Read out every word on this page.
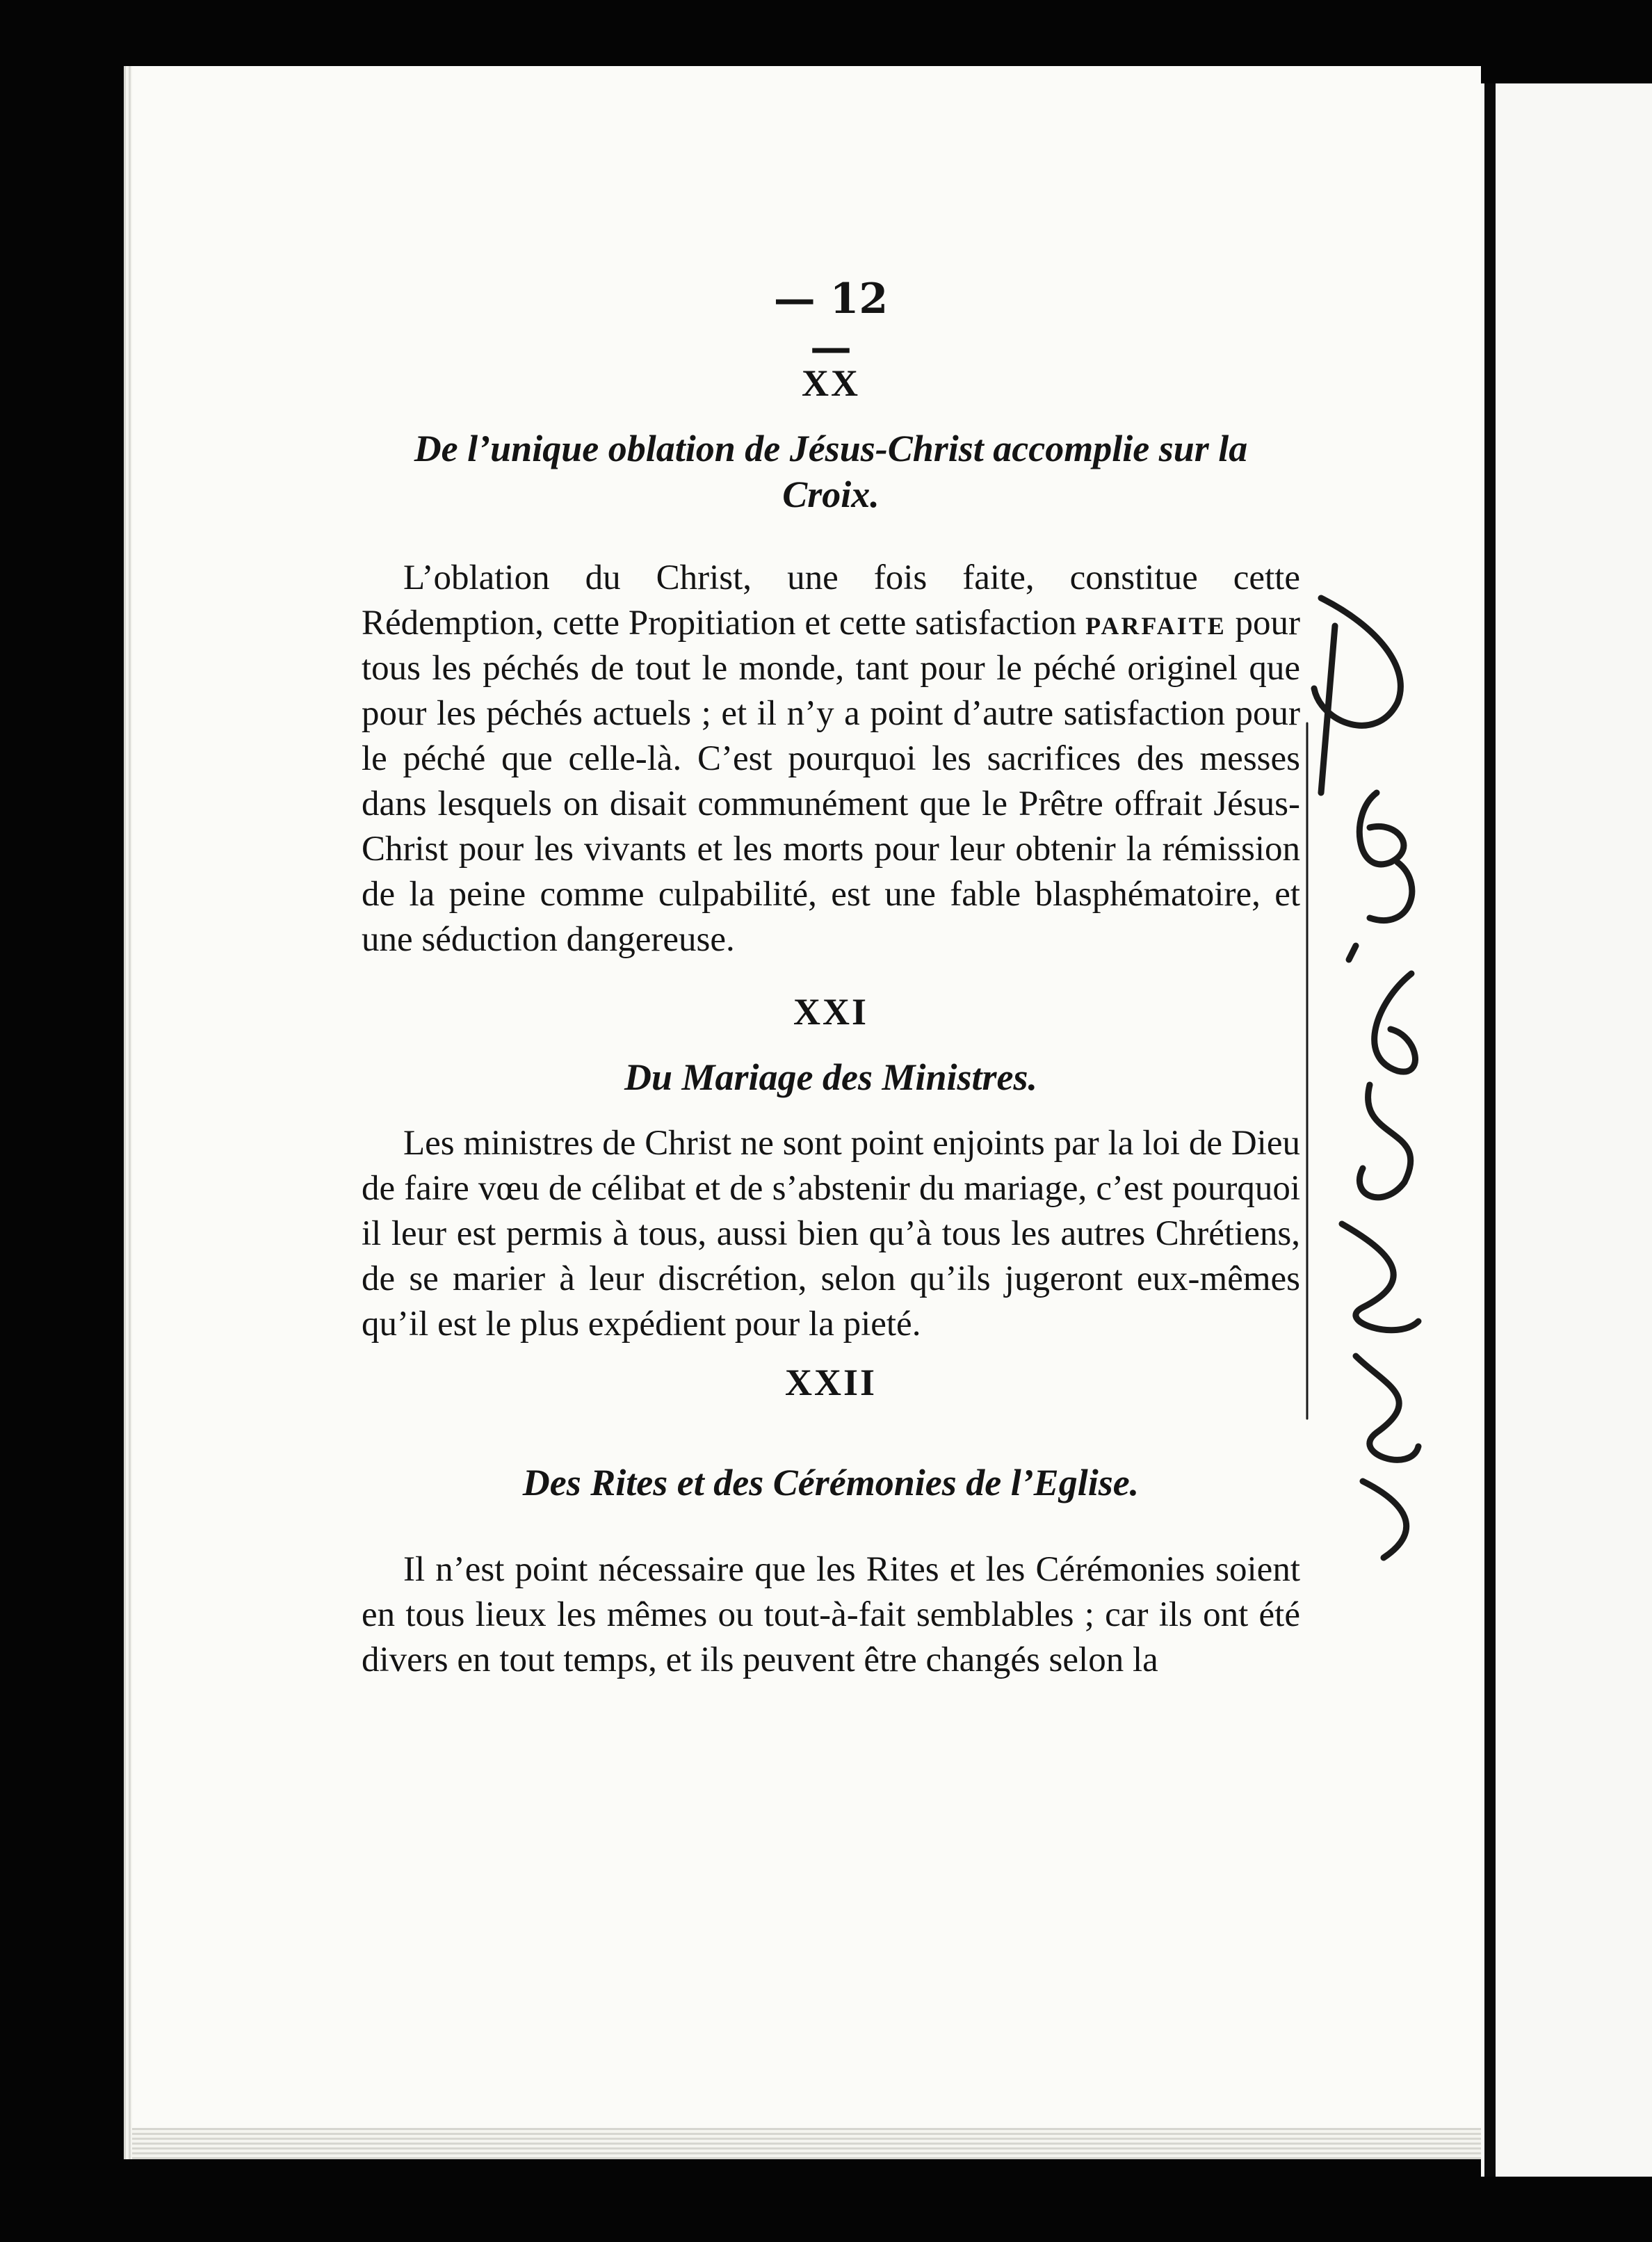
— 12 —
XX
De l’unique oblation de Jésus-Christ accomplie sur la Croix.

L’oblation du Christ, une fois faite, constitue cette Rédemption, cette Propitiation et cette satisfaction parfaite pour tous les péchés de tout le monde, tant pour le péché originel que pour les péchés actuels ; et il n’y a point d’autre satisfaction pour le péché que celle-là. C’est pourquoi les sacrifices des messes dans lesquels on disait communément que le Prêtre offrait Jésus-Christ pour les vivants et les morts pour leur obtenir la rémission de la peine comme culpabilité, est une fable blasphématoire, et une séduction dangereuse.

XXI
Du Mariage des Ministres.

Les ministres de Christ ne sont point enjoints par la loi de Dieu de faire vœu de célibat et de s’abstenir du mariage, c’est pourquoi il leur est permis à tous, aussi bien qu’à tous les autres Chrétiens, de se marier à leur discrétion, selon qu’ils jugeront eux-mêmes qu’il est le plus expédient pour la pieté.

XXII
Des Rites et des Cérémonies de l’Eglise.

Il n’est point nécessaire que les Rites et les Cérémonies soient en tous lieux les mêmes ou tout-à-fait semblables ; car ils ont été divers en tout temps, et ils peuvent être changés selon la
